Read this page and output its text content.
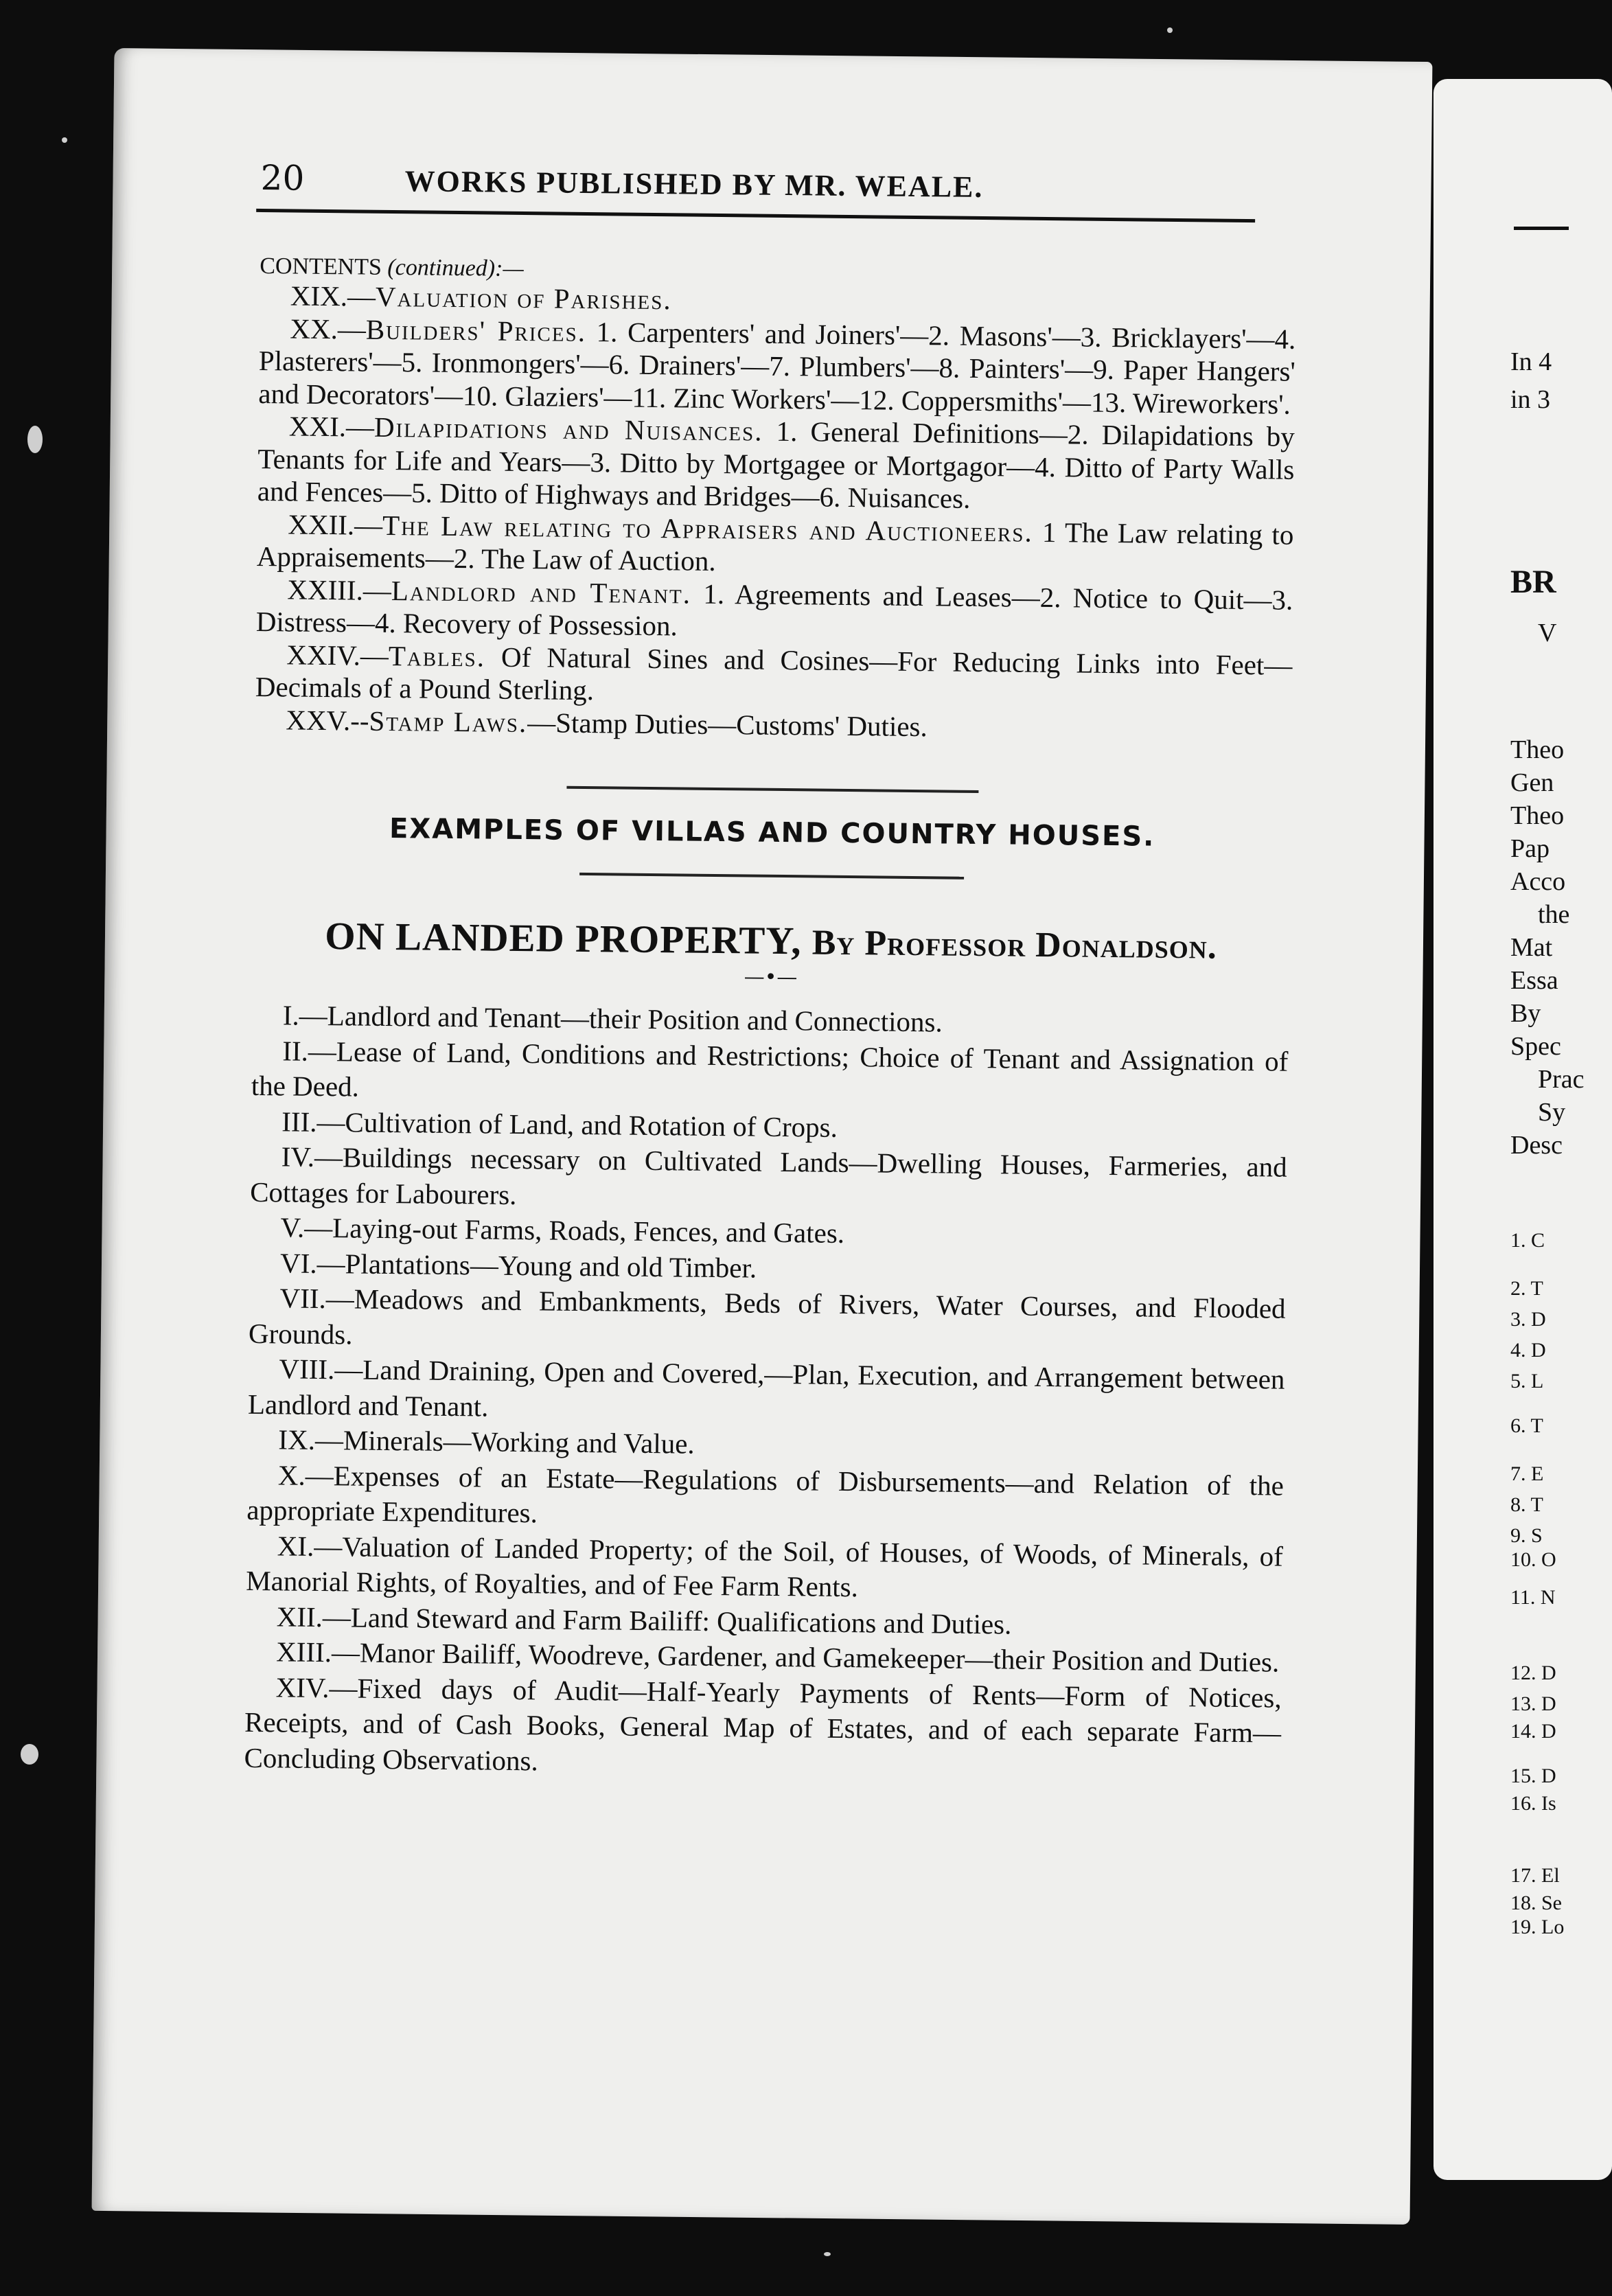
In 4
in 3
BR
V
Theo
Gen
Theo
Pap
Acco
the
Mat
Essa
By
Spec
Prac
Sy
Desc
1. C
2. T
3. D
4. D
5. L
6. T
7. E
8. T
9. S
10. O
11. N
12. D
13. D
14. D
15. D
16. Is
17. El
18. Se
19. Lo
20	WORKS PUBLISHED BY MR. WEALE.
CONTENTS (continued):—

XIX.—Valuation of Parishes.

XX.—Builders' Prices. 1. Carpenters' and Joiners'—2. Masons'—3. Bricklayers'—4. Plasterers'—5. Ironmongers'—6. Drainers'—7. Plumbers'—8. Painters'—9. Paper Hangers' and Decorators'—10. Glaziers'—11. Zinc Workers'—12. Coppersmiths'—13. Wireworkers'.

XXI.—Dilapidations and Nuisances. 1. General Definitions—2. Dilapidations by Tenants for Life and Years—3. Ditto by Mortgagee or Mortgagor—4. Ditto of Party Walls and Fences—5. Ditto of Highways and Bridges—6. Nuisances.

XXII.—The Law relating to Appraisers and Auctioneers. 1 The Law relating to Appraisements—2. The Law of Auction.

XXIII.—Landlord and Tenant. 1. Agreements and Leases—2. Notice to Quit—3. Distress—4. Recovery of Possession.

XXIV.—Tables. Of Natural Sines and Cosines—For Reducing Links into Feet—Decimals of a Pound Sterling.

XXV.--Stamp Laws.—Stamp Duties—Customs' Duties.

EXAMPLES OF VILLAS AND COUNTRY HOUSES.
ON LANDED PROPERTY, By Professor Donaldson.
—•—

I.—Landlord and Tenant—their Position and Connections.

II.—Lease of Land, Conditions and Restrictions; Choice of Tenant and Assignation of the Deed.

III.—Cultivation of Land, and Rotation of Crops.

IV.—Buildings necessary on Cultivated Lands—Dwelling Houses, Farmeries, and Cottages for Labourers.

V.—Laying-out Farms, Roads, Fences, and Gates.

VI.—Plantations—Young and old Timber.

VII.—Meadows and Embankments, Beds of Rivers, Water Courses, and Flooded Grounds.

VIII.—Land Draining, Open and Covered,—Plan, Execution, and Arrangement between Landlord and Tenant.

IX.—Minerals—Working and Value.

X.—Expenses of an Estate—Regulations of Disbursements—and Relation of the appropriate Expenditures.

XI.—Valuation of Landed Property; of the Soil, of Houses, of Woods, of Minerals, of Manorial Rights, of Royalties, and of Fee Farm Rents.

XII.—Land Steward and Farm Bailiff: Qualifications and Duties.

XIII.—Manor Bailiff, Woodreve, Gardener, and Gamekeeper—their Position and Duties.

XIV.—Fixed days of Audit—Half-Yearly Payments of Rents—Form of Notices, Receipts, and of Cash Books, General Map of Estates, and of each separate Farm—Concluding Observations.
